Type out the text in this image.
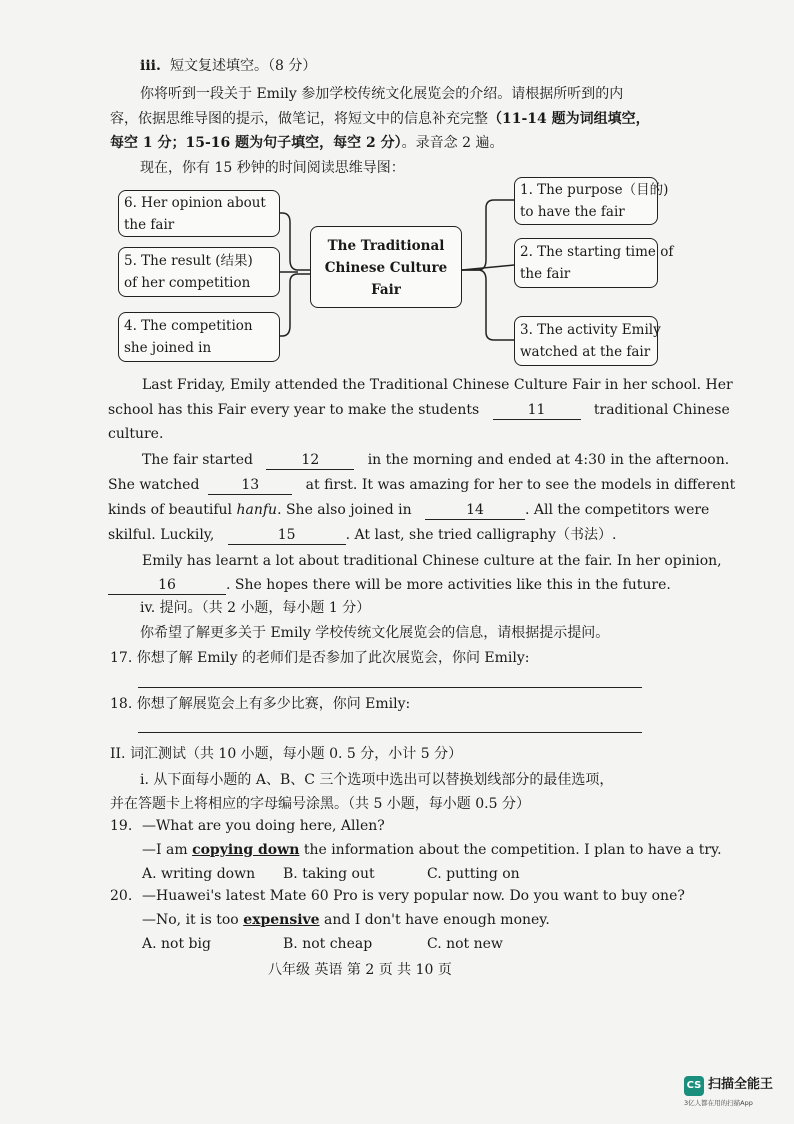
iii. 短文复述填空。（8 分）
你将听到一段关于 Emily 参加学校传统文化展览会的介绍。请根据所听到的内
容，依据思维导图的提示，做笔记，将短文中的信息补充完整（11-14 题为词组填空，
每空 1 分；15-16 题为句子填空，每空 2 分）。录音念 2 遍。
现在，你有 15 秒钟的时间阅读思维导图：
6. Her opinion about
the fair
5. The result (结果)
of her competition
4. The competition
she joined in
The Traditional
Chinese Culture
Fair
1. The purpose（目的)
to have the fair
2. The starting time of
the fair
3. The activity Emily
watched at the fair
Last Friday, Emily attended the Traditional Chinese Culture Fair in her school. Her
school has this Fair every year to make the students	11	traditional Chinese
culture.
The fair started	12	in the morning and ended at 4:30 in the afternoon.
She watched	13	at first. It was amazing for her to see the models in different
kinds of beautiful hanfu. She also joined in	14	. All the competitors were
skilful. Luckily,	15	. At last, she tried calligraphy（书法）.
Emily has learnt a lot about traditional Chinese culture at the fair. In her opinion,
16	. She hopes there will be more activities like this in the future.
iv. 提问。（共 2 小题，每小题 1 分）
你希望了解更多关于 Emily 学校传统文化展览会的信息，请根据提示提问。
17. 你想了解 Emily 的老师们是否参加了此次展览会，你问 Emily:
18. 你想了解展览会上有多少比赛，你问 Emily:
II. 词汇测试（共 10 小题，每小题 0. 5 分，小计 5 分）
i. 从下面每小题的 A、B、C 三个选项中选出可以替换划线部分的最佳选项，
并在答题卡上将相应的字母编号涂黑。（共 5 小题，每小题 0.5 分）
19. —What are you doing here, Allen?
—I am copying down the information about the competition. I plan to have a try.
A. writing down B. taking out	C. putting on
20. —Huawei's latest Mate 60 Pro is very popular now. Do you want to buy one?
—No, it is too expensive and I don't have enough money.
A. not big	B. not cheap	C. not new
八年级 英语 第 2 页 共 10 页
CS 扫描全能王
3亿人都在用的扫描App
